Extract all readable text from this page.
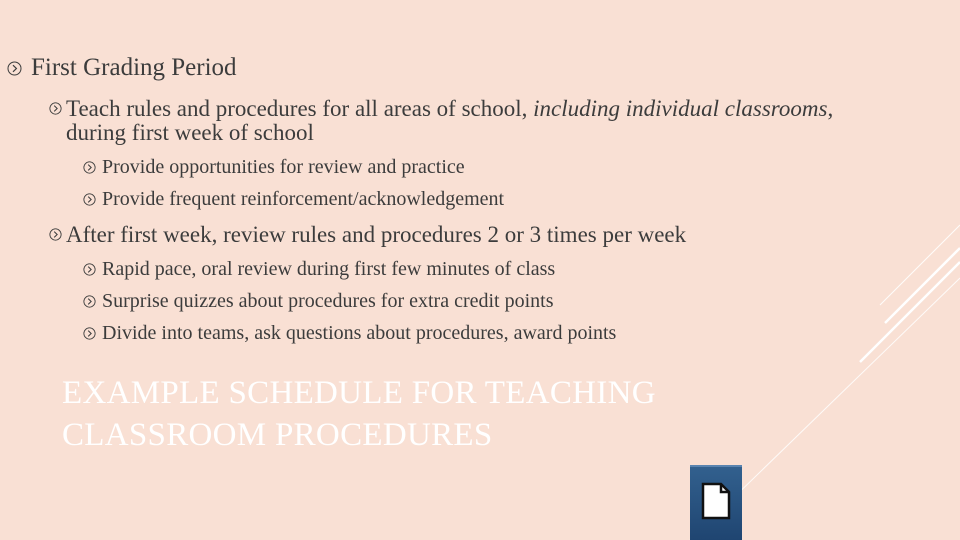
First Grading Period
Teach rules and procedures for all areas of school, including individual classrooms,
during first week of school
Provide opportunities for review and practice
Provide frequent reinforcement/acknowledgement
After first week, review rules and procedures 2 or 3 times per week
Rapid pace, oral review during first few minutes of class
Surprise quizzes about procedures for extra credit points
Divide into teams, ask questions about procedures, award points
EXAMPLE SCHEDULE FOR TEACHING
CLASSROOM PROCEDURES
